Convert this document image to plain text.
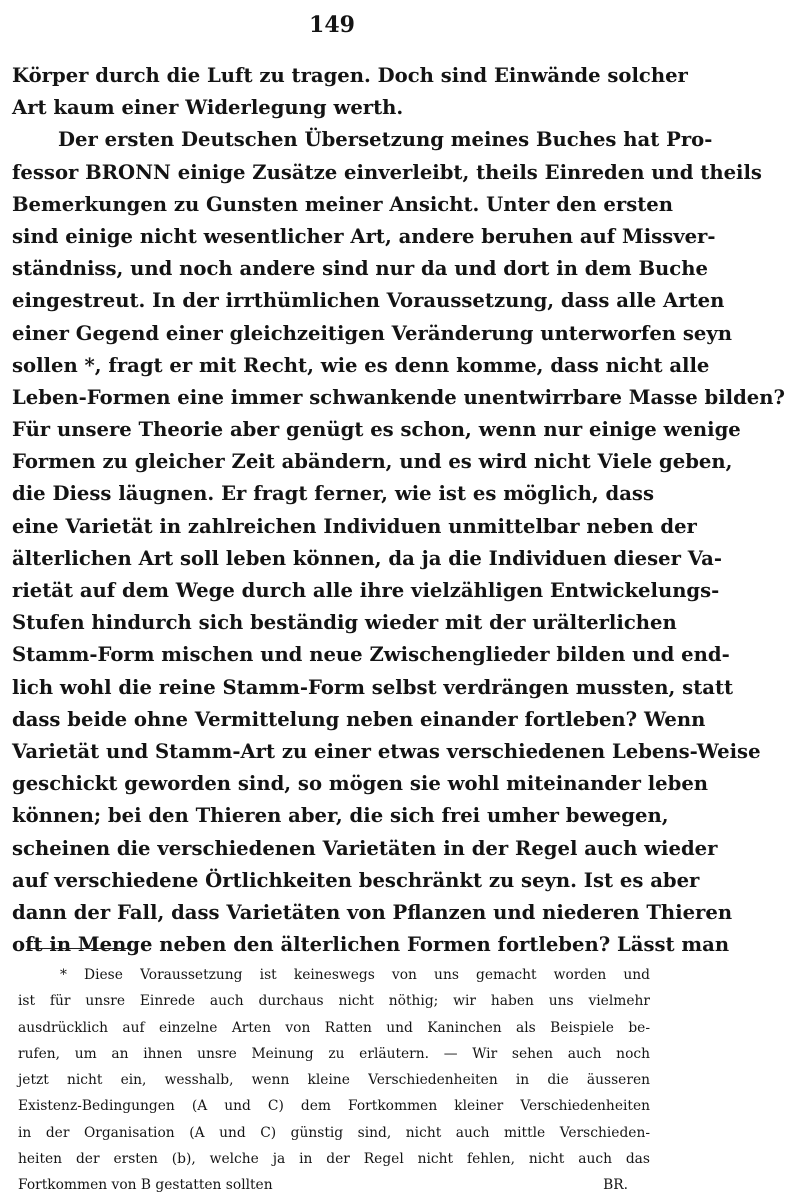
149
Körper durch die Luft zu tragen. Doch sind Einwände solcher
Art kaum einer Widerlegung werth.
Der ersten Deutschen Übersetzung meines Buches hat Pro-
fessor BRONN einige Zusätze einverleibt, theils Einreden und theils
Bemerkungen zu Gunsten meiner Ansicht. Unter den ersten
sind einige nicht wesentlicher Art, andere beruhen auf Missver-
ständniss, und noch andere sind nur da und dort in dem Buche
eingestreut. In der irrthümlichen Voraussetzung, dass alle Arten
einer Gegend einer gleichzeitigen Veränderung unterworfen seyn
sollen *, fragt er mit Recht, wie es denn komme, dass nicht alle
Leben-Formen eine immer schwankende unentwirrbare Masse bilden?
Für unsere Theorie aber genügt es schon, wenn nur einige wenige
Formen zu gleicher Zeit abändern, und es wird nicht Viele geben,
die Diess läugnen. Er fragt ferner, wie ist es möglich, dass
eine Varietät in zahlreichen Individuen unmittelbar neben der
älterlichen Art soll leben können, da ja die Individuen dieser Va-
rietät auf dem Wege durch alle ihre vielzähligen Entwickelungs-
Stufen hindurch sich beständig wieder mit der urälterlichen
Stamm-Form mischen und neue Zwischenglieder bilden und end-
lich wohl die reine Stamm-Form selbst verdrängen mussten, statt
dass beide ohne Vermittelung neben einander fortleben? Wenn
Varietät und Stamm-Art zu einer etwas verschiedenen Lebens-Weise
geschickt geworden sind, so mögen sie wohl miteinander leben
können; bei den Thieren aber, die sich frei umher bewegen,
scheinen die verschiedenen Varietäten in der Regel auch wieder
auf verschiedene Örtlichkeiten beschränkt zu seyn. Ist es aber
dann der Fall, dass Varietäten von Pflanzen und niederen Thieren
oft in Menge neben den älterlichen Formen fortleben? Lässt man
* Diese Voraussetzung ist keineswegs von uns gemacht worden und
ist für unsre Einrede auch durchaus nicht nöthig; wir haben uns vielmehr
ausdrücklich auf einzelne Arten von Ratten und Kaninchen als Beispiele be-
rufen, um an ihnen unsre Meinung zu erläutern. — Wir sehen auch noch
jetzt nicht ein, wesshalb, wenn kleine Verschiedenheiten in die äusseren
Existenz-Bedingungen (A und C) dem Fortkommen kleiner Verschiedenheiten
in der Organisation (A und C) günstig sind, nicht auch mittle Verschieden-
heiten der ersten (b), welche ja in der Regel nicht fehlen, nicht auch das
Fortkommen von B gestatten sollten	BR.
